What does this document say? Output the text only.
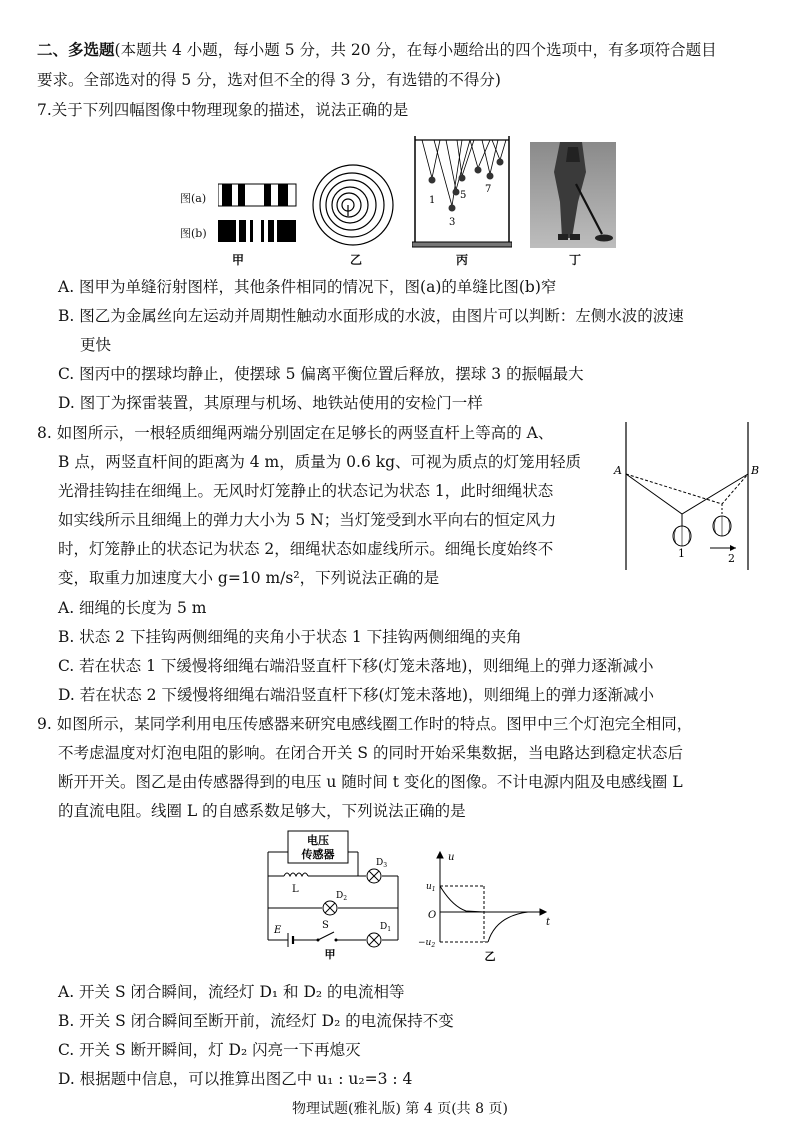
二、多选题(本题共 4 小题，每小题 5 分，共 20 分，在每小题给出的四个选项中，有多项符合题目
要求。全部选对的得 5 分，选对但不全的得 3 分，有选错的不得分)
7.关于下列四幅图像中物理现象的描述，说法正确的是
图(a)
图(b)
1
3
5
7
甲	乙	丙	丁
A. 图甲为单缝衍射图样，其他条件相同的情况下，图(a)的单缝比图(b)窄
B. 图乙为金属丝向左运动并周期性触动水面形成的水波，由图片可以判断：左侧水波的波速
更快
C. 图丙中的摆球均静止，使摆球 5 偏离平衡位置后释放，摆球 3 的振幅最大
D. 图丁为探雷装置，其原理与机场、地铁站使用的安检门一样
8. 如图所示，一根轻质细绳两端分别固定在足够长的两竖直杆上等高的 A、
B 点，两竖直杆间的距离为 4 m，质量为 0.6 kg、可视为质点的灯笼用轻质
光滑挂钩挂在细绳上。无风时灯笼静止的状态记为状态 1，此时细绳状态
如实线所示且细绳上的弹力大小为 5 N；当灯笼受到水平向右的恒定风力
时，灯笼静止的状态记为状态 2，细绳状态如虚线所示。细绳长度始终不
变，取重力加速度大小 g=10 m/s²，下列说法正确的是
A	B
1	2
A. 细绳的长度为 5 m
B. 状态 2 下挂钩两侧细绳的夹角小于状态 1 下挂钩两侧细绳的夹角
C. 若在状态 1 下缓慢将细绳右端沿竖直杆下移(灯笼未落地)，则细绳上的弹力逐渐减小
D. 若在状态 2 下缓慢将细绳右端沿竖直杆下移(灯笼未落地)，则细绳上的弹力逐渐减小
9. 如图所示，某同学利用电压传感器来研究电感线圈工作时的特点。图甲中三个灯泡完全相同，
不考虑温度对灯泡电阻的影响。在闭合开关 S 的同时开始采集数据，当电路达到稳定状态后
断开开关。图乙是由传感器得到的电压 u 随时间 t 变化的图像。不计电源内阻及电感线圈 L
的直流电阻。线圈 L 的自感系数足够大，下列说法正确的是
电压
传感器
L
$D_3$
$D_2$
$D_1$
E	S
甲
u
t
O
$u_1$
$-u_2$
乙
A. 开关 S 闭合瞬间，流经灯 D₁ 和 D₂ 的电流相等
B. 开关 S 闭合瞬间至断开前，流经灯 D₂ 的电流保持不变
C. 开关 S 断开瞬间，灯 D₂ 闪亮一下再熄灭
D. 根据题中信息，可以推算出图乙中 u₁ : u₂=3 : 4
物理试题(雅礼版) 第 4 页(共 8 页)
